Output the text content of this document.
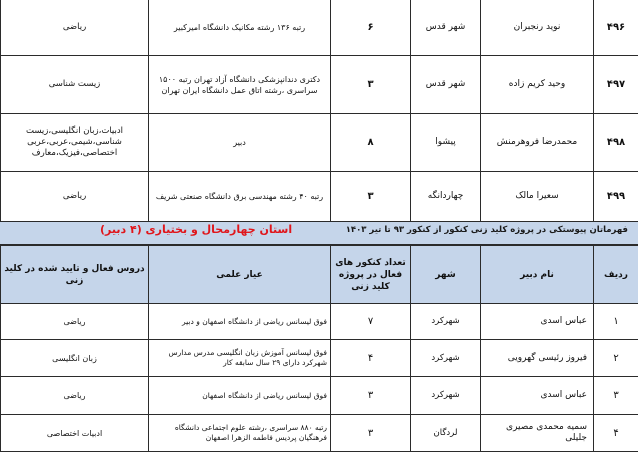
۴۹۶	نوید رنجبران	شهر قدس	۶	رتبه ۱۳۶ رشته مکانیک دانشگاه امیرکبیر	ریاضی
۴۹۷	وحید کریم زاده	شهر قدس	۳	دکتری دندانپزشکی دانشگاه آزاد تهران رتبه ۱۵۰۰ سراسری ،رشته اتاق عمل دانشگاه ایران تهران	زیست شناسی
۴۹۸	محمدرضا فروهرمنش	پیشوا	۸	دبیر	ادبیات،زبان انگلیسی،زیست شناسی،شیمی،عربی،عربی اختصاصی،فیزیک،معارف
۴۹۹	سعیرا مالک	چهاردانگه	۳	رتبه ۴۰ رشته مهندسی برق دانشگاه صنعتی شریف	ریاضی
فهرماتان پیوستکی در پروژه کلید زنی کنکور از کنکور ۹۳ تا تیر ۱۴۰۳
استان چهارمحال و بختیاری (۴ دبیر)
ردیف	نام دبیر	شهر	تعداد کنکور های فعال در پروژه کلید زنی	عیار علمی	دروس فعال و تایید شده در کلید زنی
۱	عباس اسدی	شهرکرد	۷	فوق لیسانس ریاضی از دانشگاه اصفهان و دبیر	ریاضی
۲	فیروز رئیسی گهرویی	شهرکرد	۴	فوق لیسانس آموزش زبان انگلیسی مدرس مدارس شهرکرد دارای ۲۹ سال سابقه کار	زبان انگلیسی
۳	عباس اسدی	شهرکرد	۳	فوق لیسانس ریاضی از دانشگاه اصفهان	ریاضی
۴	سمیه محمدی مصیری جلیلی	لردگان	۳	رتبه ۸۸۰ سراسری ،رشته علوم اجتماعی دانشگاه فرهنگیان پردیس فاطمه الزهرا اصفهان	ادبیات اختصاصی
